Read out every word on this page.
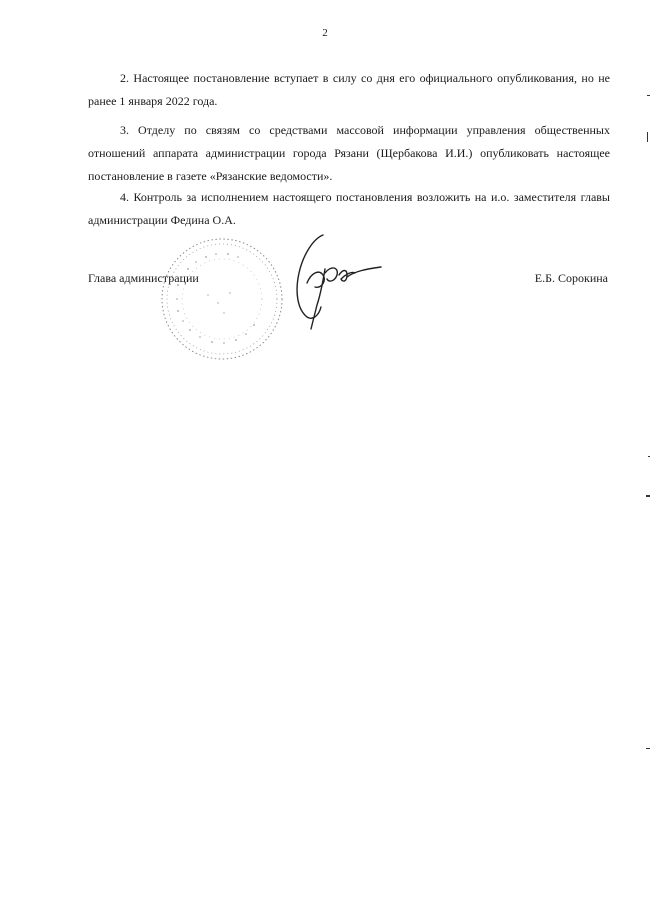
2

2. Настоящее постановление вступает в силу со дня его официального опубликования, но не ранее 1 января 2022 года.

3. Отделу по связям со средствами массовой информации управления общественных отношений аппарата администрации города Рязани (Щербакова И.И.) опубликовать настоящее постановление в газете «Рязанские ведомости».

4. Контроль за исполнением настоящего постановления возложить на и.о. заместителя главы администрации Федина О.А.

Глава администрации	Е.Б. Сорокина
